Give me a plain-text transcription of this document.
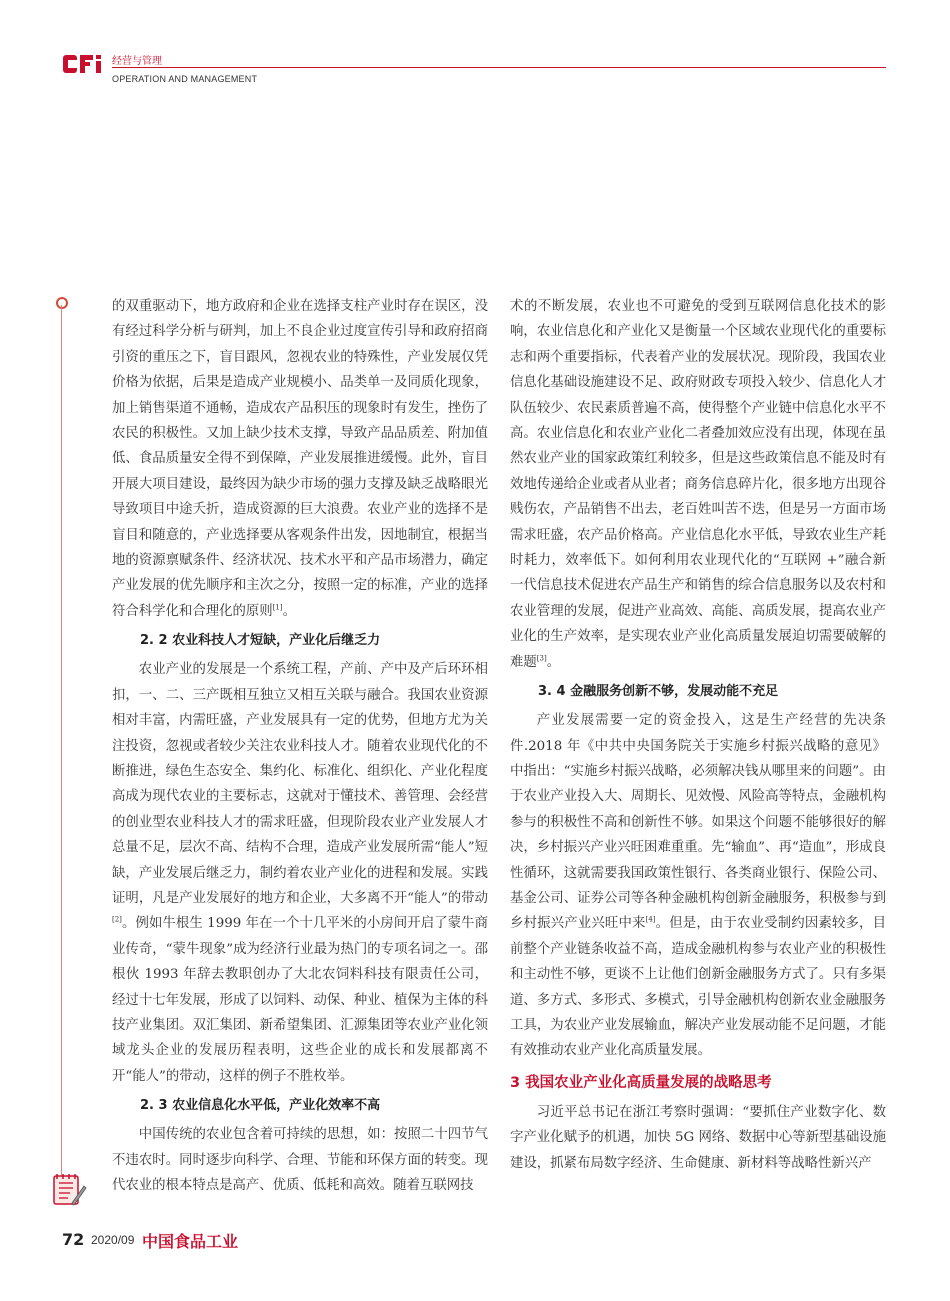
经营与管理
OPERATION AND MANAGEMENT

的双重驱动下，地方政府和企业在选择支柱产业时存在误区，没有经过科学分析与研判，加上不良企业过度宣传引导和政府招商引资的重压之下，盲目跟风，忽视农业的特殊性，产业发展仅凭价格为依据，后果是造成产业规模小、品类单一及同质化现象，加上销售渠道不通畅，造成农产品积压的现象时有发生，挫伤了农民的积极性。又加上缺少技术支撑，导致产品品质差、附加值低、食品质量安全得不到保障，产业发展推进缓慢。此外，盲目开展大项目建设，最终因为缺少市场的强力支撑及缺乏战略眼光导致项目中途夭折，造成资源的巨大浪费。农业产业的选择不是盲目和随意的，产业选择要从客观条件出发，因地制宜，根据当地的资源禀赋条件、经济状况、技术水平和产品市场潜力，确定产业发展的优先顺序和主次之分，按照一定的标准，产业的选择符合科学化和合理化的原则[1]。

2. 2 农业科技人才短缺，产业化后继乏力

农业产业的发展是一个系统工程，产前、产中及产后环环相扣，一、二、三产既相互独立又相互关联与融合。我国农业资源相对丰富，内需旺盛，产业发展具有一定的优势，但地方尤为关注投资，忽视或者较少关注农业科技人才。随着农业现代化的不断推进，绿色生态安全、集约化、标准化、组织化、产业化程度高成为现代农业的主要标志，这就对于懂技术、善管理、会经营的创业型农业科技人才的需求旺盛，但现阶段农业产业发展人才总量不足，层次不高、结构不合理，造成产业发展所需“能人”短缺，产业发展后继乏力，制约着农业产业化的进程和发展。实践证明，凡是产业发展好的地方和企业，大多离不开“能人”的带动[2]。例如牛根生 1999 年在一个十几平米的小房间开启了蒙牛商业传奇，“蒙牛现象”成为经济行业最为热门的专项名词之一。邵根伙 1993 年辞去教职创办了大北农饲料科技有限责任公司，经过十七年发展，形成了以饲料、动保、种业、植保为主体的科技产业集团。双汇集团、新希望集团、汇源集团等农业产业化领域龙头企业的发展历程表明，这些企业的成长和发展都离不开“能人”的带动，这样的例子不胜枚举。

2. 3 农业信息化水平低，产业化效率不高

中国传统的农业包含着可持续的思想，如：按照二十四节气不违农时。同时逐步向科学、合理、节能和环保方面的转变。现代农业的根本特点是高产、优质、低耗和高效。随着互联网技

术的不断发展，农业也不可避免的受到互联网信息化技术的影响，农业信息化和产业化又是衡量一个区域农业现代化的重要标志和两个重要指标，代表着产业的发展状况。现阶段，我国农业信息化基础设施建设不足、政府财政专项投入较少、信息化人才队伍较少、农民素质普遍不高，使得整个产业链中信息化水平不高。农业信息化和农业产业化二者叠加效应没有出现，体现在虽然农业产业的国家政策红利较多，但是这些政策信息不能及时有效地传递给企业或者从业者；商务信息碎片化，很多地方出现谷贱伤农，产品销售不出去，老百姓叫苦不迭，但是另一方面市场需求旺盛，农产品价格高。产业信息化水平低，导致农业生产耗时耗力，效率低下。如何利用农业现代化的“互联网 +”融合新一代信息技术促进农产品生产和销售的综合信息服务以及农村和农业管理的发展，促进产业高效、高能、高质发展，提高农业产业化的生产效率，是实现农业产业化高质量发展迫切需要破解的难题[3]。

3. 4 金融服务创新不够，发展动能不充足

产业发展需要一定的资金投入，这是生产经营的先决条件.2018 年《中共中央国务院关于实施乡村振兴战略的意见》中指出：“实施乡村振兴战略，必须解决钱从哪里来的问题”。由于农业产业投入大、周期长、见效慢、风险高等特点，金融机构参与的积极性不高和创新性不够。如果这个问题不能够很好的解决，乡村振兴产业兴旺困难重重。先“输血”、再“造血”，形成良性循环，这就需要我国政策性银行、各类商业银行、保险公司、基金公司、证券公司等各种金融机构创新金融服务，积极参与到乡村振兴产业兴旺中来[4]。但是，由于农业受制约因素较多，目前整个产业链条收益不高，造成金融机构参与农业产业的积极性和主动性不够，更谈不上让他们创新金融服务方式了。只有多渠道、多方式、多形式、多模式，引导金融机构创新农业金融服务工具，为农业产业发展输血，解决产业发展动能不足问题，才能有效推动农业产业化高质量发展。

3 我国农业产业化高质量发展的战略思考

习近平总书记在浙江考察时强调：“要抓住产业数字化、数字产业化赋予的机遇，加快 5G 网络、数据中心等新型基础设施建设，抓紧布局数字经济、生命健康、新材料等战略性新兴产

72 2020/09 中国食品工业
